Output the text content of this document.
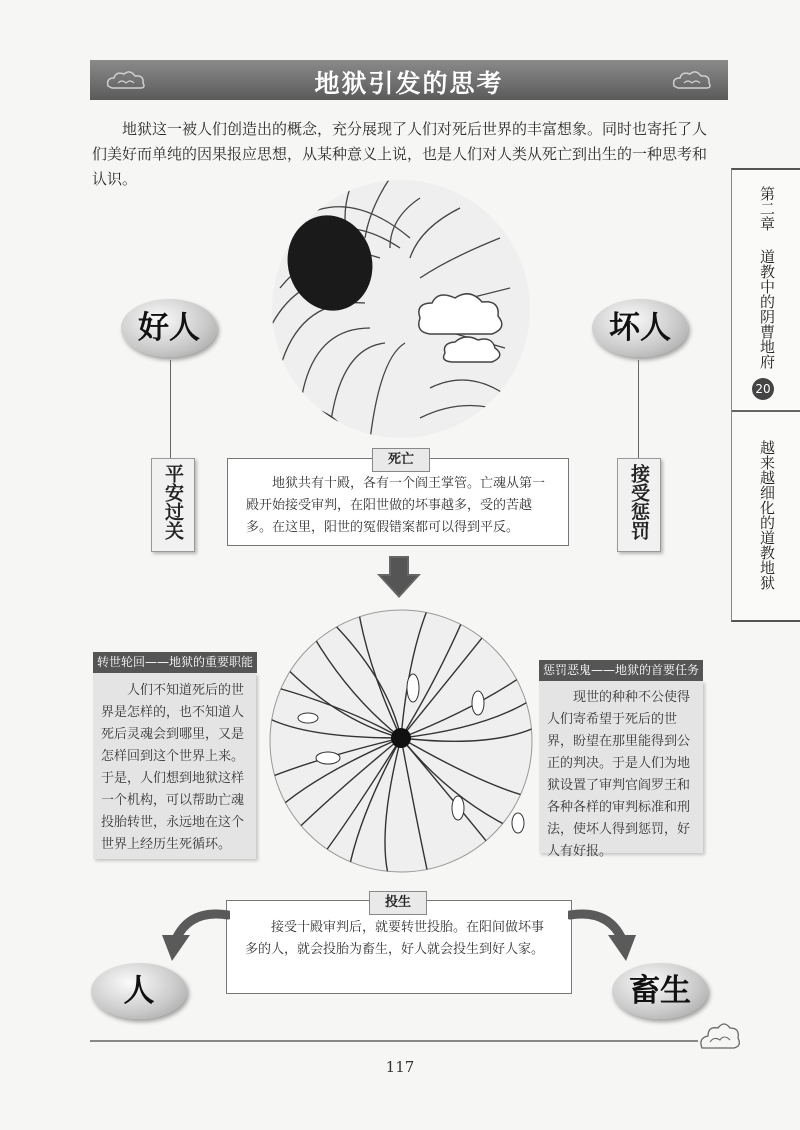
地狱引发的思考

地狱这一被人们创造出的概念，充分展现了人们对死后世界的丰富想象。同时也寄托了人们美好而单纯的因果报应思想，从某种意义上说，也是人们对人类从死亡到出生的一种思考和认识。

第二章
道教中的阴曹地府
20
越来越细化的道教地狱
好人
平安过关
坏人
接受惩罚

地狱共有十殿，各有一个阎王掌管。亡魂从第一殿开始接受审判，在阳世做的坏事越多，受的苦越多。在这里，阳世的冤假错案都可以得到平反。

死亡
转世轮回——地狱的重要职能

人们不知道死后的世界是怎样的，也不知道人死后灵魂会到哪里，又是怎样回到这个世界上来。于是，人们想到地狱这样一个机构，可以帮助亡魂投胎转世，永远地在这个世界上经历生死循环。

惩罚恶鬼——地狱的首要任务

现世的种种不公使得人们寄希望于死后的世界，盼望在那里能得到公正的判决。于是人们为地狱设置了审判官阎罗王和各种各样的审判标准和刑法，使坏人得到惩罚，好人有好报。

接受十殿审判后，就要转世投胎。在阳间做坏事多的人，就会投胎为畜生，好人就会投生到好人家。

投生
人	畜生
117
